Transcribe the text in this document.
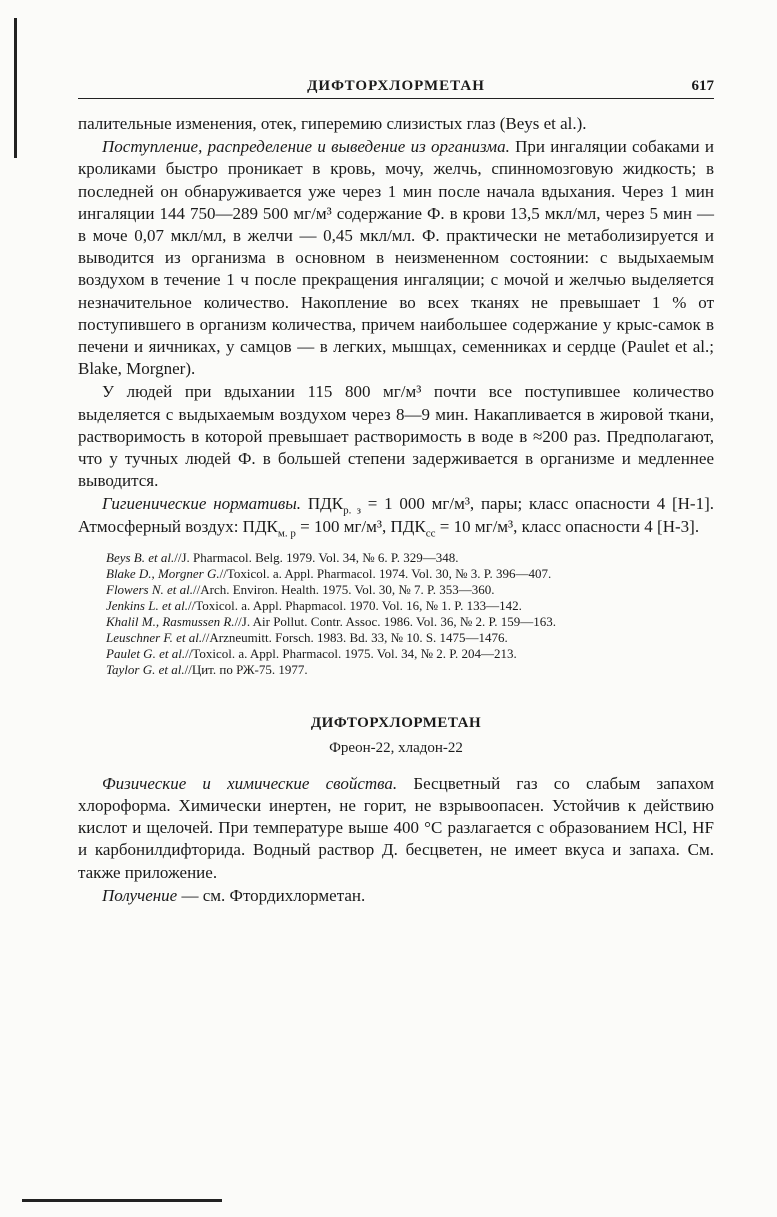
ДИФТОРХЛОРМЕТАН	617

палительные изменения, отек, гиперемию слизистых глаз (Beys et al.).

Поступление, распределение и выведение из организма. При ингаляции собаками и кроликами быстро проникает в кровь, мочу, желчь, спинномозговую жидкость; в последней он обнаруживается уже через 1 мин после начала вдыхания. Через 1 мин ингаляции 144 750—289 500 мг/м³ содержание Ф. в крови 13,5 мкл/мл, через 5 мин — в моче 0,07 мкл/мл, в желчи — 0,45 мкл/мл. Ф. практически не метаболизируется и выводится из организма в основном в неизмененном состоянии: с выдыхаемым воздухом в течение 1 ч после прекращения ингаляции; с мочой и желчью выделяется незначительное количество. Накопление во всех тканях не превышает 1 % от поступившего в организм количества, причем наибольшее содержание у крыс-самок в печени и яичниках, у самцов — в легких, мышцах, семенниках и сердце (Paulet et al.; Blake, Morgner).

У людей при вдыхании 115 800 мг/м³ почти все поступившее количество выделяется с выдыхаемым воздухом через 8—9 мин. Накапливается в жировой ткани, растворимость в которой превышает растворимость в воде в ≈200 раз. Предполагают, что у тучных людей Ф. в большей степени задерживается в организме и медленнее выводится.

Гигиенические нормативы. $ПДК_{р. з} = 1$ 000 мг/м³, пары; класс опасности 4 [Н-1]. Атмосферный воздух: $ПДК_{м. р} = 100$ мг/м³, $ПДК_{сс} = 10$ мг/м³, класс опасности 4 [Н-3].

Beys B. et al.//J. Pharmacol. Belg. 1979. Vol. 34, № 6. P. 329—348.

Blake D., Morgner G.//Toxicol. a. Appl. Pharmacol. 1974. Vol. 30, № 3. P. 396—407.

Flowers N. et al.//Arch. Environ. Health. 1975. Vol. 30, № 7. P. 353—360.

Jenkins L. et al.//Toxicol. a. Appl. Phapmacol. 1970. Vol. 16, № 1. P. 133—142.

Khalil M., Rasmussen R.//J. Air Pollut. Contr. Assoc. 1986. Vol. 36, № 2. P. 159—163.

Leuschner F. et al.//Arzneumitt. Forsch. 1983. Bd. 33, № 10. S. 1475—1476.

Paulet G. et al.//Toxicol. a. Appl. Pharmacol. 1975. Vol. 34, № 2. P. 204—213.

Taylor G. et al.//Цит. по РЖ-75. 1977.

ДИФТОРХЛОРМЕТАН
Фреон-22, хладон-22

Физические и химические свойства. Бесцветный газ со слабым запахом хлороформа. Химически инертен, не горит, не взрывоопасен. Устойчив к действию кислот и щелочей. При температуре выше 400 °С разлагается с образованием HCl, HF и карбонилдифторида. Водный раствор Д. бесцветен, не имеет вкуса и запаха. См. также приложение.

Получение — см. Фтордихлорметан.
